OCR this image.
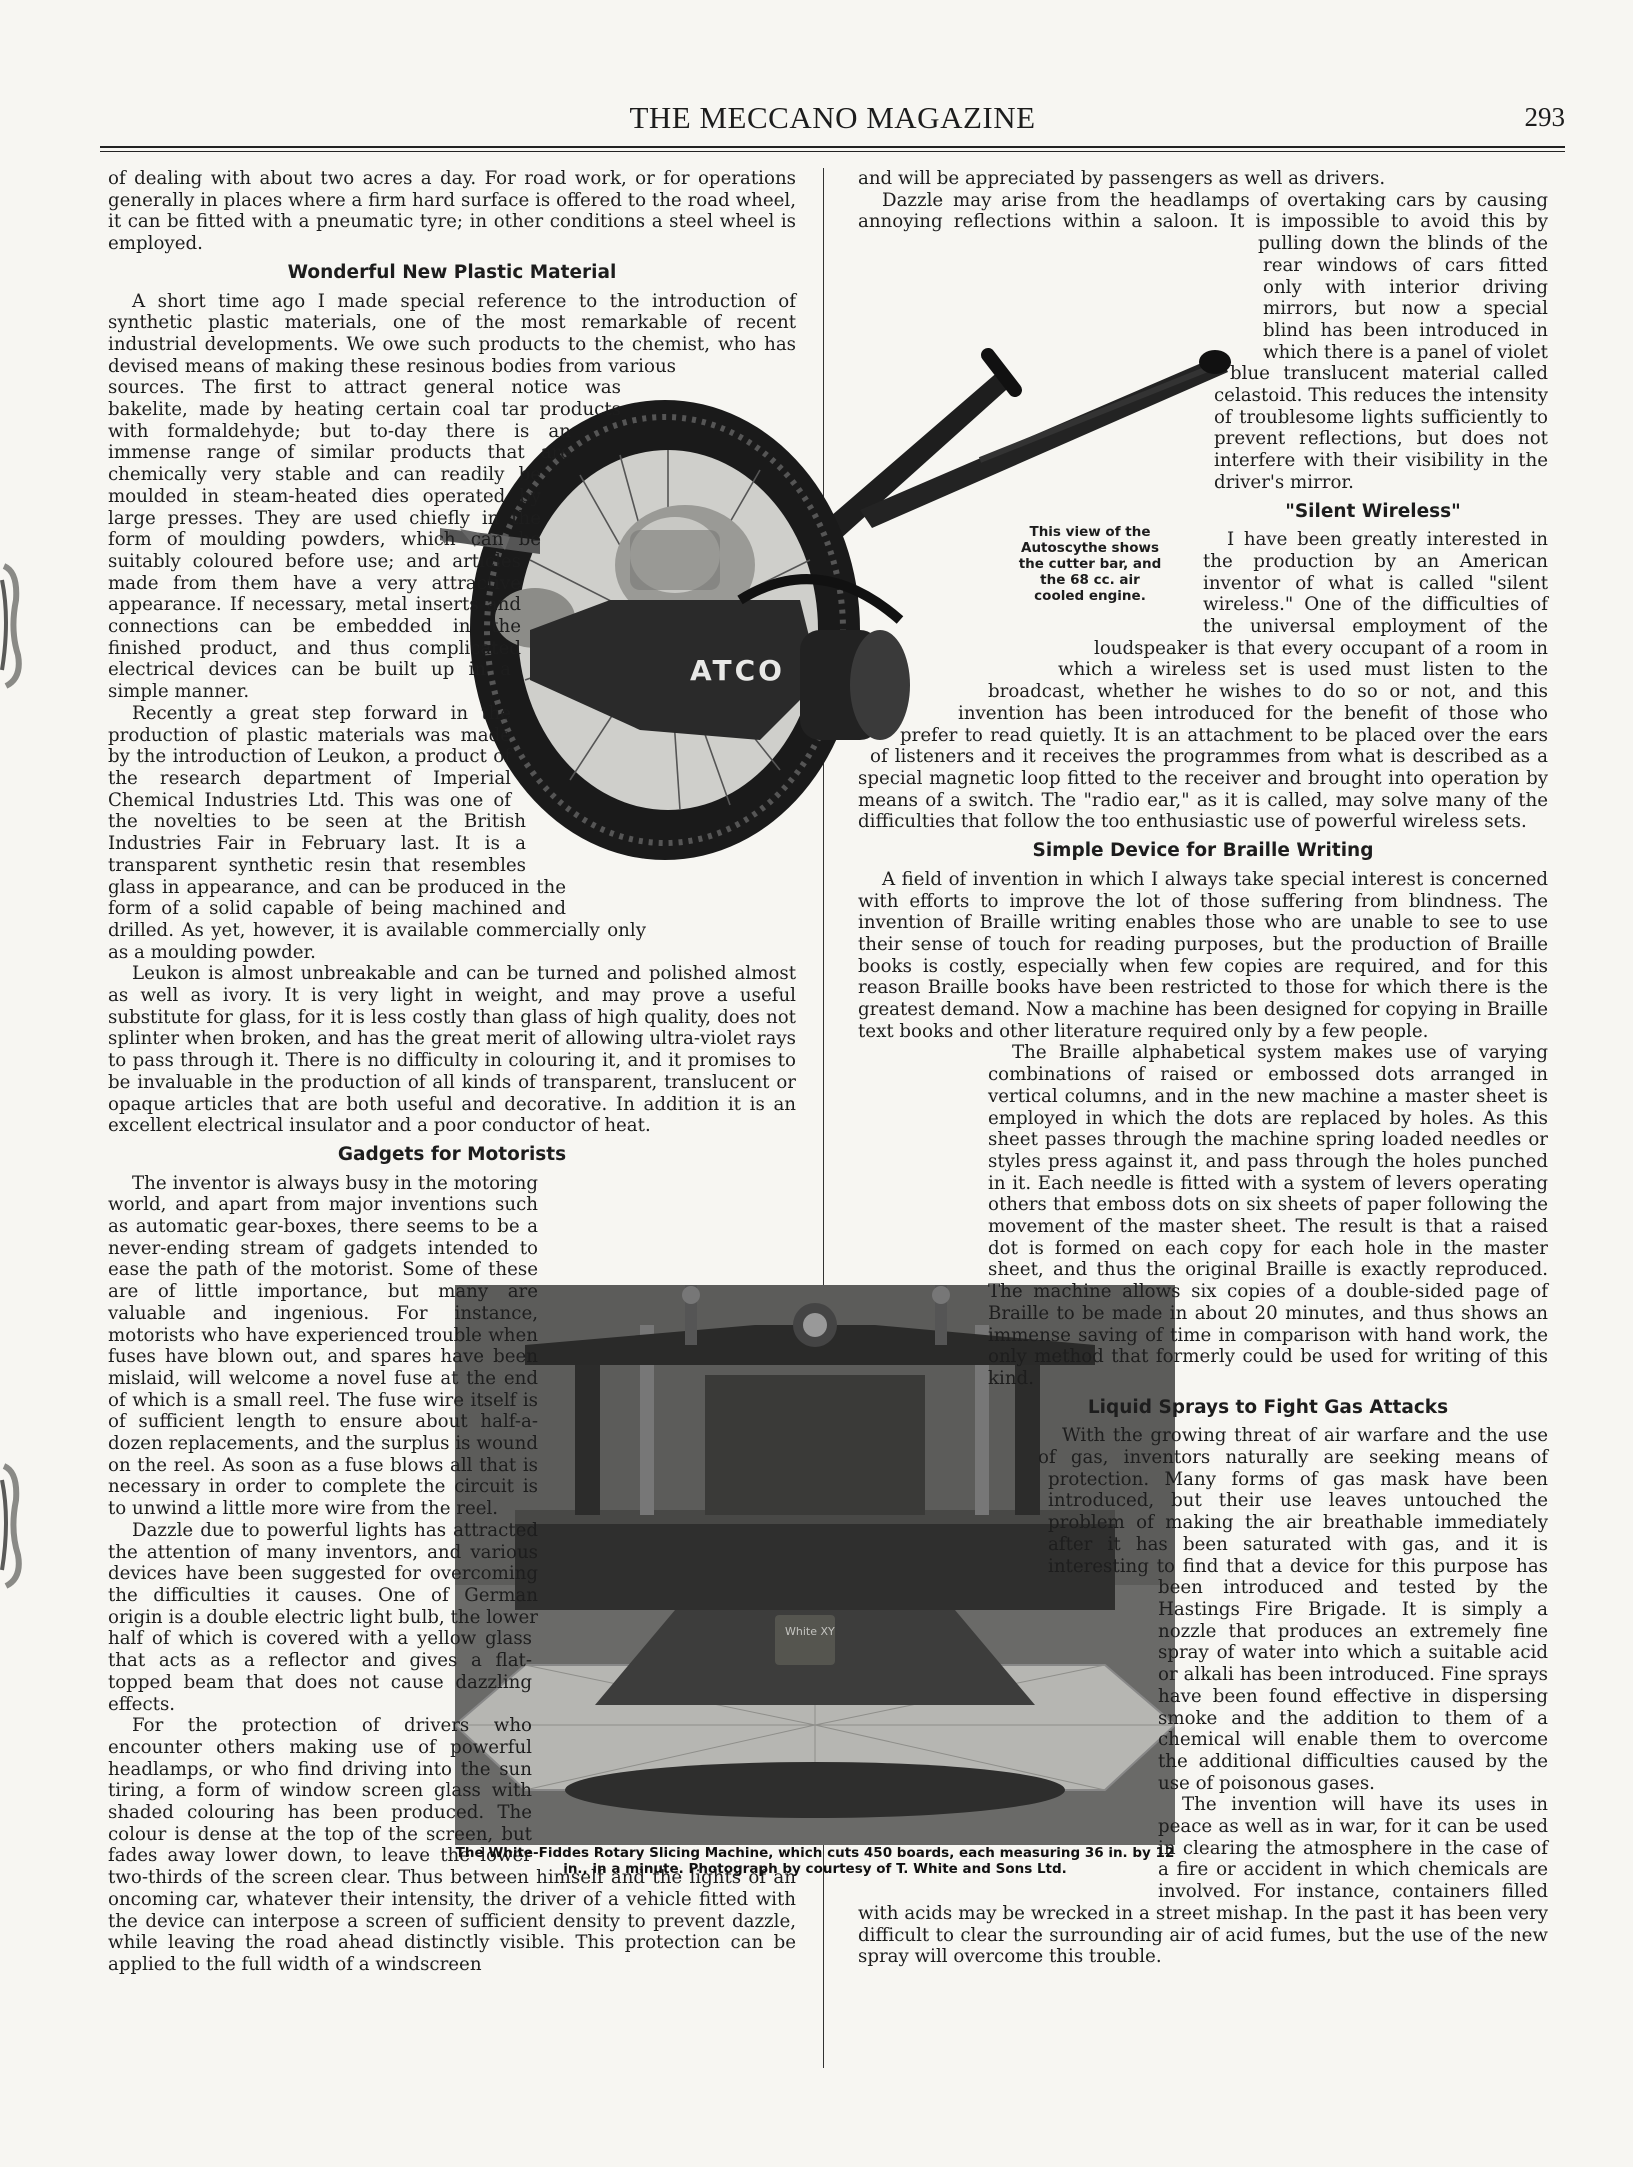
THE MECCANO MAGAZINE	293
ATCO
White XY

of dealing with about two acres a day. For road work, or for operations generally in places where a firm hard surface is offered to the road wheel, it can be fitted with a pneumatic tyre; in other conditions a steel wheel is employed.

Wonderful New Plastic Material

A short time ago I made special reference to the introduction of synthetic plastic materials, one of the most remarkable of recent industrial developments. We owe such products to the chemist, who has devised means of making these resinous bodies from various sources. The first to attract general notice was bakelite, made by heating certain coal tar products with formaldehyde; but to-day there is an immense range of similar products that are chemically very stable and can readily be moulded in steam-heated dies operated by large presses. They are used chiefly in the form of moulding powders, which can be suitably coloured before use; and articles made from them have a very attractive appearance. If necessary, metal inserts and connections can be embedded in the finished product, and thus complicated electrical devices can be built up in a simple manner.

Recently a great step forward in the production of plastic materials was made by the introduction of Leukon, a product of the research department of Imperial Chemical Industries Ltd. This was one of the novelties to be seen at the British Industries Fair in February last. It is a transparent synthetic resin that resembles glass in appearance, and can be produced in the form of a solid capable of being machined and drilled. As yet, however, it is available commercially only as a moulding powder.

Leukon is almost unbreakable and can be turned and polished almost as well as ivory. It is very light in weight, and may prove a useful substitute for glass, for it is less costly than glass of high quality, does not splinter when broken, and has the great merit of allowing ultra-violet rays to pass through it. There is no difficulty in colouring it, and it promises to be invaluable in the production of all kinds of transparent, translucent or opaque articles that are both useful and decorative. In addition it is an excellent electrical insulator and a poor conductor of heat.

Gadgets for Motorists

The inventor is always busy in the motoring world, and apart from major inventions such as automatic gear-boxes, there seems to be a never-ending stream of gadgets intended to ease the path of the motorist. Some of these are of little importance, but many are valuable and ingenious. For instance, motorists who have experienced trouble when fuses have blown out, and spares have been mislaid, will welcome a novel fuse at the end of which is a small reel. The fuse wire itself is of sufficient length to ensure about half-a-dozen replacements, and the surplus is wound on the reel. As soon as a fuse blows all that is necessary in order to complete the circuit is to unwind a little more wire from the reel.

Dazzle due to powerful lights has attracted the attention of many inventors, and various devices have been suggested for overcoming the difficulties it causes. One of German origin is a double electric light bulb, the lower half of which is covered with a yellow glass that acts as a reflector and gives a flat-topped beam that does not cause dazzling effects.

For the protection of drivers who encounter others making use of powerful headlamps, or who find driving into the sun tiring, a form of window screen glass with shaded colouring has been produced. The colour is dense at the top of the screen, but fades away lower down, to leave the lower two-thirds of the screen clear. Thus between himself and the lights of an oncoming car, whatever their intensity, the driver of a vehicle fitted with the device can interpose a screen of sufficient density to prevent dazzle, while leaving the road ahead distinctly visible. This protection can be applied to the full width of a windscreen

and will be appreciated by passengers as well as drivers.

Dazzle may arise from the headlamps of overtaking cars by causing annoying reflections within a saloon. It is impossible to avoid this by pulling down the blinds of the rear windows of cars fitted only with interior driving mirrors, but now a special blind has been introduced in which there is a panel of violet blue translucent material called celastoid. This reduces the intensity of troublesome lights sufficiently to prevent reflections, but does not interfere with their visibility in the driver's mirror.

"Silent Wireless"

I have been greatly interested in the production by an American inventor of what is called "silent wireless." One of the difficulties of the universal employment of the loudspeaker is that every occupant of a room in which a wireless set is used must listen to the broadcast, whether he wishes to do so or not, and this invention has been introduced for the benefit of those who prefer to read quietly. It is an attachment to be placed over the ears of listeners and it receives the programmes from what is described as a special magnetic loop fitted to the receiver and brought into operation by means of a switch. The "radio ear," as it is called, may solve many of the difficulties that follow the too enthusiastic use of powerful wireless sets.

Simple Device for Braille Writing

A field of invention in which I always take special interest is concerned with efforts to improve the lot of those suffering from blindness. The invention of Braille writing enables those who are unable to see to use their sense of touch for reading purposes, but the production of Braille books is costly, especially when few copies are required, and for this reason Braille books have been restricted to those for which there is the greatest demand. Now a machine has been designed for copying in Braille text books and other literature required only by a few people.

The Braille alphabetical system makes use of varying combinations of raised or embossed dots arranged in vertical columns, and in the new machine a master sheet is employed in which the dots are replaced by holes. As this sheet passes through the machine spring loaded needles or styles press against it, and pass through the holes punched in it. Each needle is fitted with a system of levers operating others that emboss dots on six sheets of paper following the movement of the master sheet. The result is that a raised dot is formed on each copy for each hole in the master sheet, and thus the original Braille is exactly reproduced. The machine allows six copies of a double-sided page of Braille to be made in about 20 minutes, and thus shows an immense saving of time in comparison with hand work, the only method that formerly could be used for writing of this kind.

Liquid Sprays to Fight Gas Attacks

With the growing threat of air warfare and the use of gas, inventors naturally are seeking means of protection. Many forms of gas mask have been introduced, but their use leaves untouched the problem of making the air breathable immediately after it has been saturated with gas, and it is interesting to find that a device for this purpose has been introduced and tested by the Hastings Fire Brigade. It is simply a nozzle that produces an extremely fine spray of water into which a suitable acid or alkali has been introduced. Fine sprays have been found effective in dispersing smoke and the addition to them of a chemical will enable them to overcome the additional difficulties caused by the use of poisonous gases.

The invention will have its uses in peace as well as in war, for it can be used in clearing the atmosphere in the case of a fire or accident in which chemicals are involved. For instance, containers filled with acids may be wrecked in a street mishap. In the past it has been very difficult to clear the surrounding air of acid fumes, but the use of the new spray will overcome this trouble.

This view of the Autoscythe shows the cutter bar, and the 68 cc. air cooled engine.
The White-Fiddes Rotary Slicing Machine, which cuts 450 boards, each measuring 36 in. by 12 in., in a minute. Photograph by courtesy of T. White and Sons Ltd.
